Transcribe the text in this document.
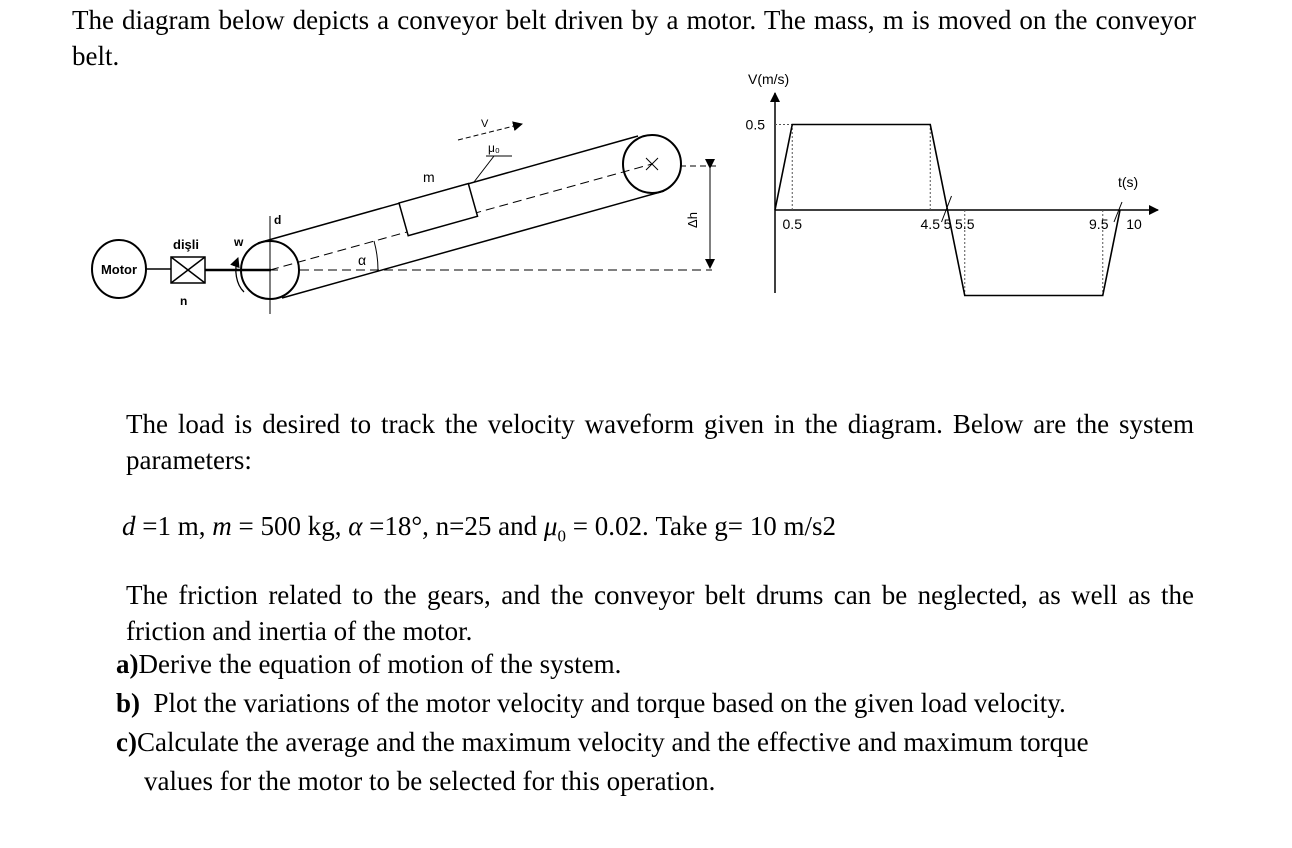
The diagram below depicts a conveyor belt driven by a motor. The mass, m is moved on the conveyor belt.

Motor
dişli
n
w
d
α
Δh
m
μ₀
V
V(m/s)
t(s)
0.5	4.5 5 5.5	9.5 10
0.5

The load is desired to track the velocity waveform given in the diagram. Below are the system parameters:

d =1 m, m = 500 kg, α =18°, n=25 and $\mu_0 = 0.02$. Take g= 10 m/s2

The friction related to the gears, and the conveyor belt drums can be neglected, as well as the friction and inertia of the motor.

a)Derive the equation of motion of the system.

b)  Plot the variations of the motor velocity and torque based on the given load velocity.

c)Calculate the average and the maximum velocity and the effective and maximum torque

values for the motor to be selected for this operation.
